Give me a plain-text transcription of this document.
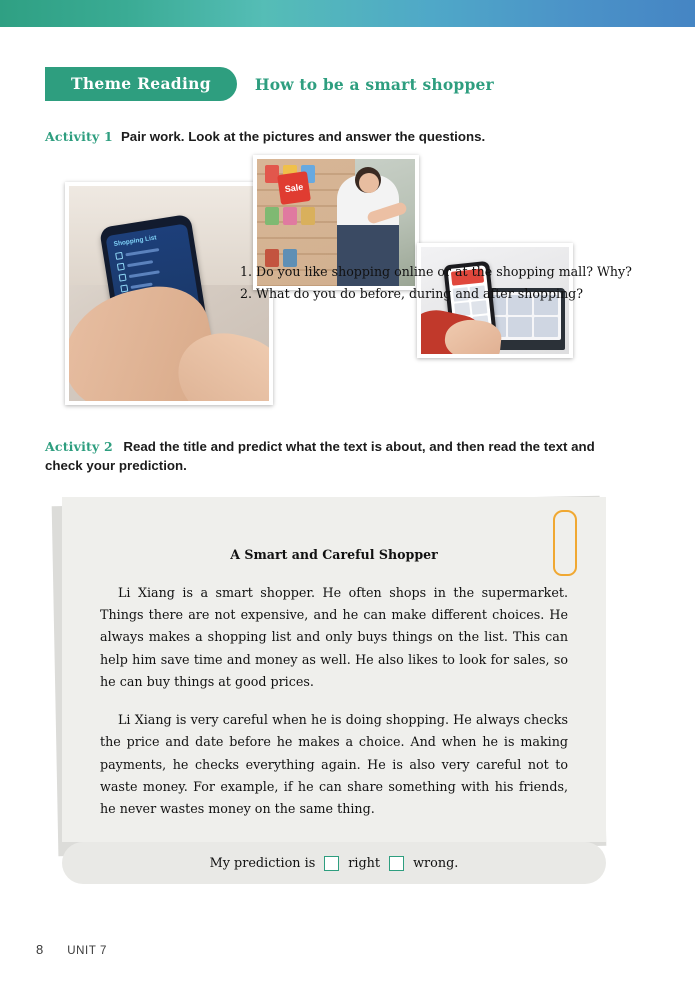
Theme Reading	How to be a smart shopper
Activity 1 Pair work. Look at the pictures and answer the questions.
Shopping List
Sale
1. Do you like shopping online or at the shopping mall? Why?
2. What do you do before, during and after shopping?
Activity 2 Read the title and predict what the text is about, and then read the text and check your prediction.
A Smart and Careful Shopper

Li Xiang is a smart shopper. He often shops in the supermarket. Things there are not expensive, and he can make different choices. He always makes a shopping list and only buys things on the list. This can help him save time and money as well. He also likes to look for sales, so he can buy things at good prices.

Li Xiang is very careful when he is doing shopping. He always checks the price and date before he makes a choice. And when he is making payments, he checks everything again. He is also very careful not to waste money. For example, if he can share something with his friends, he never wastes money on the same thing.

My prediction is	right	wrong.
8 UNIT 7
